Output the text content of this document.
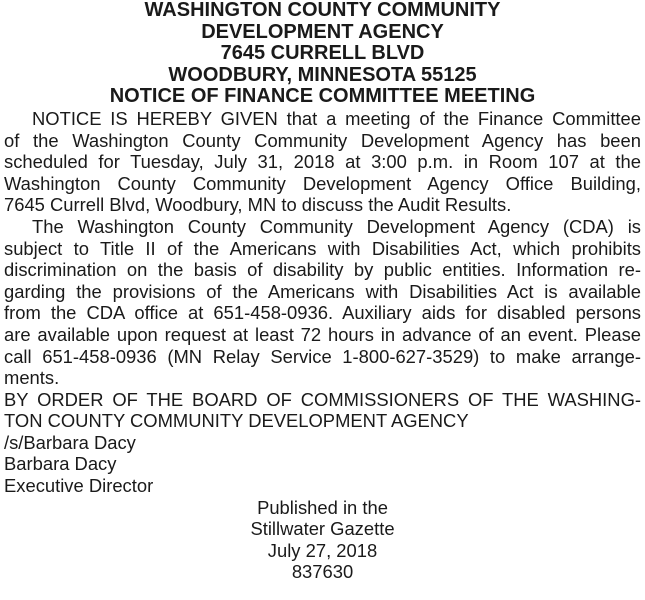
WASHINGTON COUNTY COMMUNITY
DEVELOPMENT AGENCY
7645 CURRELL BLVD
WOODBURY, MINNESOTA 55125
NOTICE OF FINANCE COMMITTEE MEETING
NOTICE IS HEREBY GIVEN that a meeting of the Finance Committee
of the Washington County Community Development Agency has been
scheduled for Tuesday, July 31, 2018 at 3:00 p.m. in Room 107 at the
Washington County Community Development Agency Office Building,
7645 Currell Blvd, Woodbury, MN to discuss the Audit Results.
The Washington County Community Development Agency (CDA) is
subject to Title II of the Americans with Disabilities Act, which prohibits
discrimination on the basis of disability by public entities. Information re-
garding the provisions of the Americans with Disabilities Act is available
from the CDA office at 651-458-0936. Auxiliary aids for disabled persons
are available upon request at least 72 hours in advance of an event. Please
call 651-458-0936 (MN Relay Service 1-800-627-3529) to make arrange-
ments.
BY ORDER OF THE BOARD OF COMMISSIONERS OF THE WASHING-
TON COUNTY COMMUNITY DEVELOPMENT AGENCY
/s/Barbara Dacy
Barbara Dacy
Executive Director
Published in the
Stillwater Gazette
July 27, 2018
837630
